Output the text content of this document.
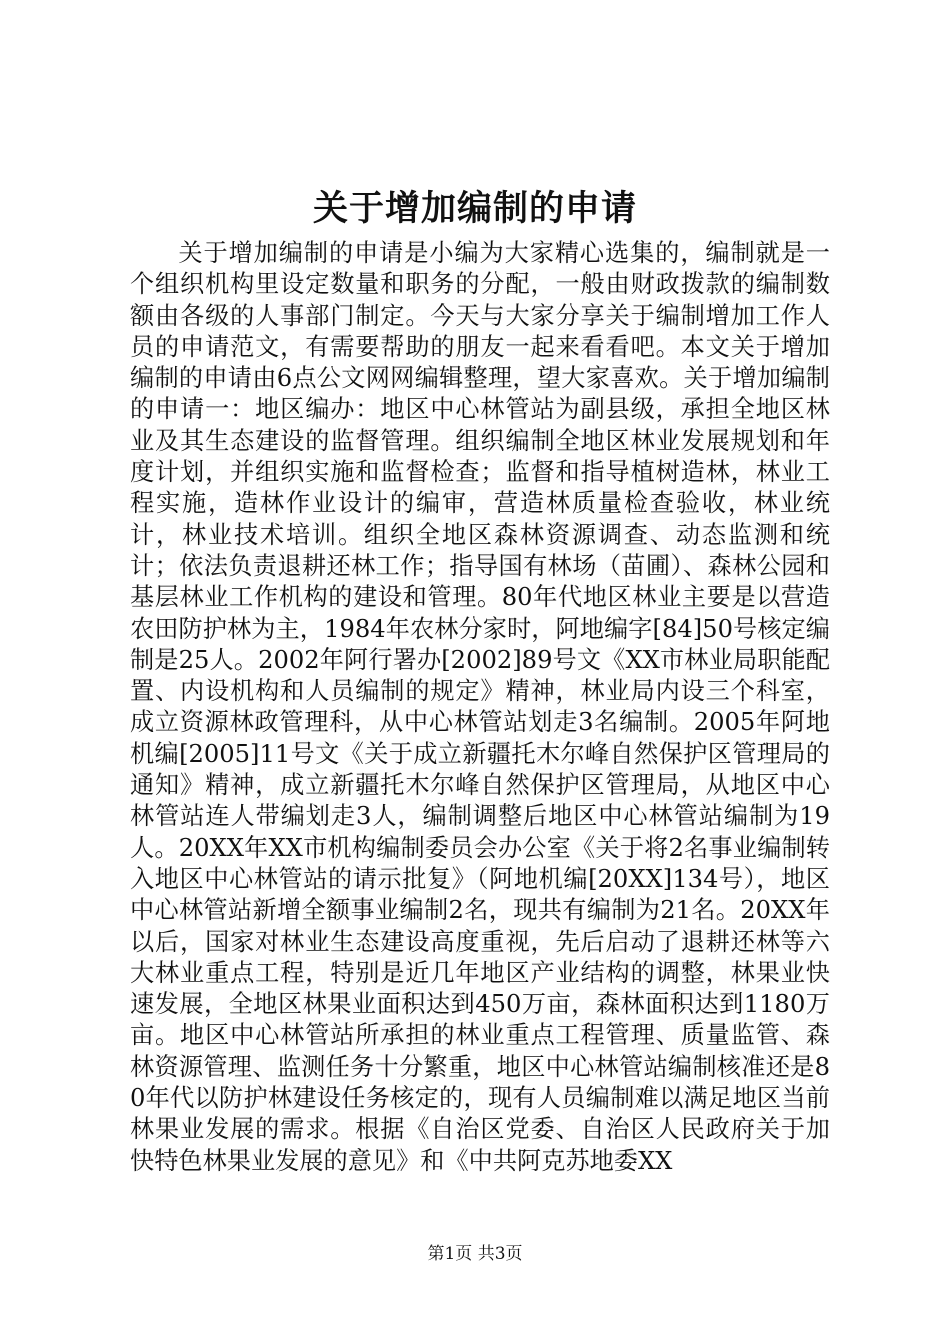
关于增加编制的申请

关于增加编制的申请是小编为大家精心选集的，编制就是一个组织机构里设定数量和职务的分配，一般由财政拨款的编制数额由各级的人事部门制定。今天与大家分享关于编制增加工作人员的申请范文，有需要帮助的朋友一起来看看吧。本文关于增加编制的申请由6点公文网网编辑整理，望大家喜欢。关于增加编制的申请一：地区编办：地区中心林管站为副县级，承担全地区林业及其生态建设的监督管理。组织编制全地区林业发展规划和年度计划，并组织实施和监督检查；监督和指导植树造林，林业工程实施，造林作业设计的编审，营造林质量检查验收，林业统计，林业技术培训。组织全地区森林资源调查、动态监测和统计；依法负责退耕还林工作；指导国有林场（苗圃）、森林公园和基层林业工作机构的建设和管理。80年代地区林业主要是以营造农田防护林为主，1984年农林分家时，阿地编字[84]50号核定编制是25人。2002年阿行署办[2002]89号文《XX市林业局职能配置、内设机构和人员编制的规定》精神，林业局内设三个科室，成立资源林政管理科，从中心林管站划走3名编制。2005年阿地机编[2005]11号文《关于成立新疆托木尔峰自然保护区管理局的通知》精神，成立新疆托木尔峰自然保护区管理局，从地区中心林管站连人带编划走3人，编制调整后地区中心林管站编制为19人。20XX年XX市机构编制委员会办公室《关于将2名事业编制转入地区中心林管站的请示批复》（阿地机编[20XX]134号），地区中心林管站新增全额事业编制2名，现共有编制为21名。20XX年以后，国家对林业生态建设高度重视，先后启动了退耕还林等六大林业重点工程，特别是近几年地区产业结构的调整，林果业快速发展，全地区林果业面积达到450万亩，森林面积达到1180万亩。地区中心林管站所承担的林业重点工程管理、质量监管、森林资源管理、监测任务十分繁重，地区中心林管站编制核准还是80年代以防护林建设任务核定的，现有人员编制难以满足地区当前林果业发展的需求。根据《自治区党委、自治区人民政府关于加快特色林果业发展的意见》和《中共阿克苏地委XX

第1页 共3页
